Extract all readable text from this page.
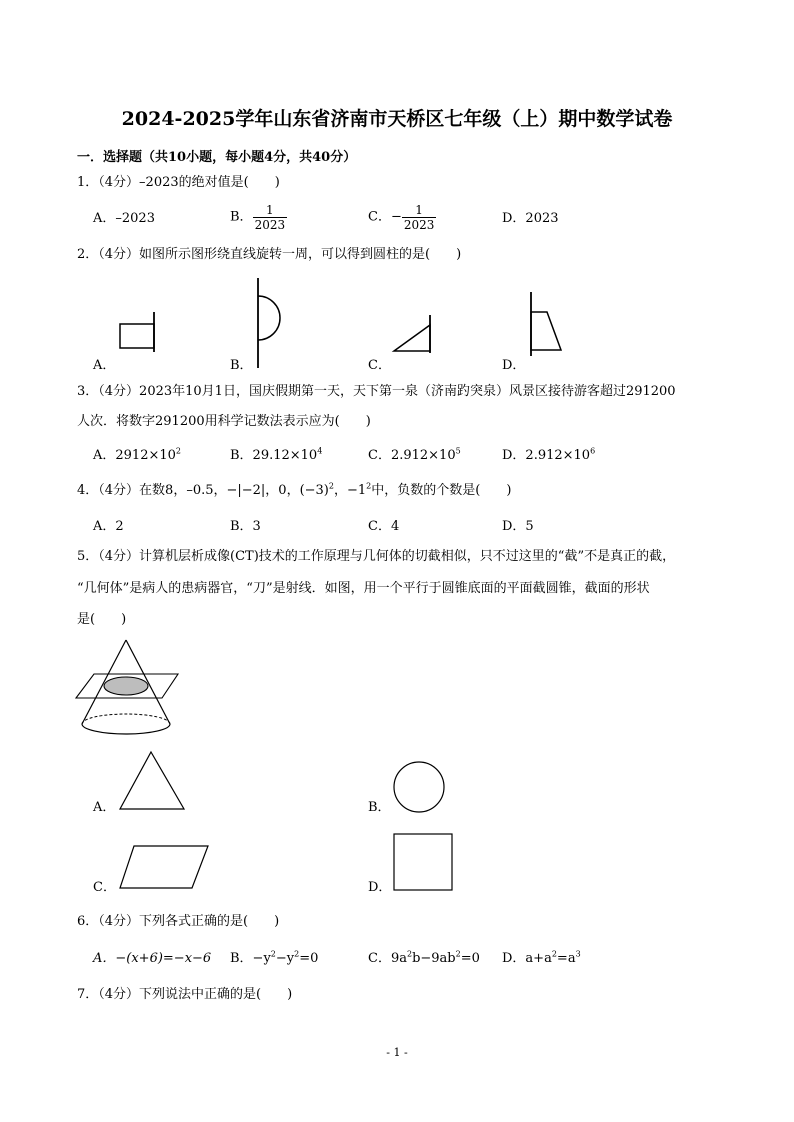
2024-2025学年山东省济南市天桥区七年级（上）期中数学试卷
一．选择题（共10小题，每小题4分，共40分）
1．（4分）–2023的绝对值是(　　)
A．–2023	B． $\frac{1}{2023}$	C．− $\frac{1}{2023}$	D．2023
2．（4分）如图所示图形绕直线旋转一周，可以得到圆柱的是(　　)
A．	B．	C．	D．
3．（4分）2023年10月1日，国庆假期第一天，天下第一泉（济南趵突泉）风景区接待游客超过291200
人次．将数字291200用科学记数法表示应为(　　)
A．$2912\times 10^2$	B．$29.12\times 10^4$	C．$2.912\times 10^5$	D．$2.912\times 10^6$
4．（4分）在数8，–0.5，−|−2|，0，$(-3)^2$，$-1^2$中，负数的个数是(　　)
A．2	B．3	C．4	D．5
5．（4分）计算机层析成像(CT)技术的工作原理与几何体的切截相似，只不过这里的“截”不是真正的截，
“几何体”是病人的患病器官，“刀”是射线．如图，用一个平行于圆锥底面的平面截圆锥，截面的形状
是(　　)
A．	B．
C．	D．
6．（4分）下列各式正确的是(　　)
A．−(x+6)=−x−6 B．$-y^2-y^2=0$	C．$9a^2b-9ab^2=0$ D．$a+a^2=a^3$
7．（4分）下列说法中正确的是(　　)
- 1 -
